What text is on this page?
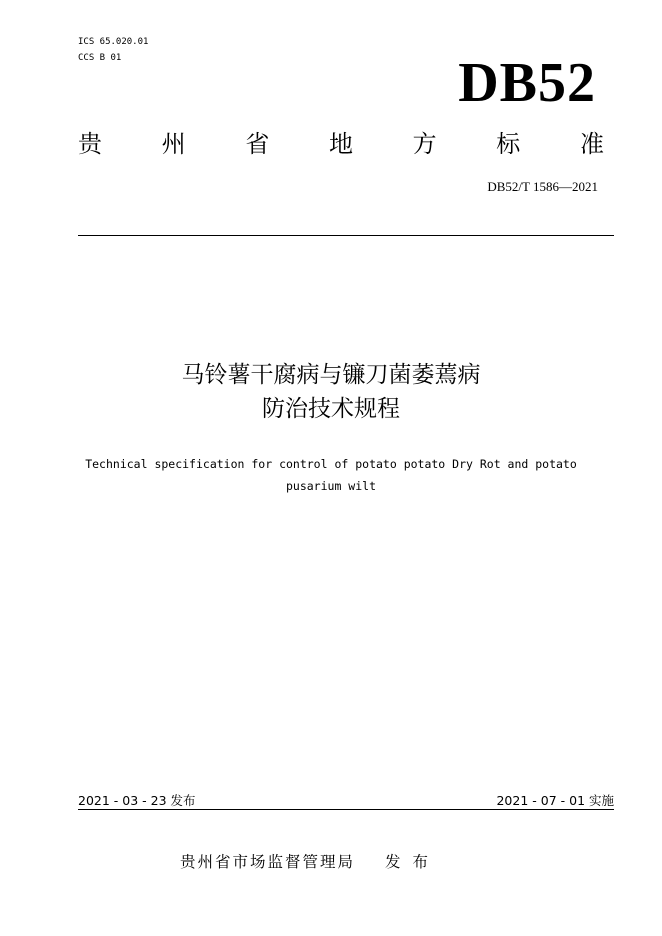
ICS 65.020.01
CCS B 01	DB52
贵 州 省 地 方 标 准
DB52/T 1586—2021
马铃薯干腐病与镰刀菌萎蔫病
防治技术规程
Technical specification for control of potato potato Dry Rot and potato
pusarium wilt
2021 - 03 - 23 发布	2021 - 07 - 01 实施
贵州省市场监督管理局 发布
